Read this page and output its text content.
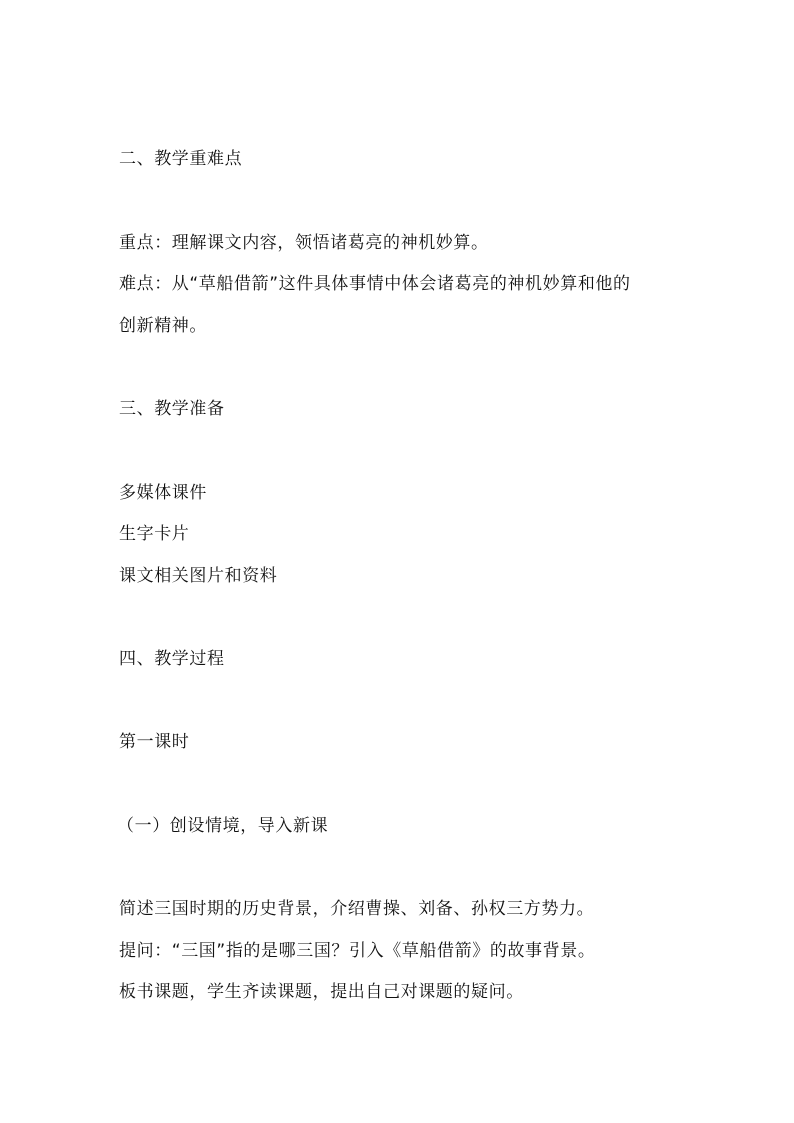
二、教学重难点
重点：理解课文内容，领悟诸葛亮的神机妙算。
难点：从“草船借箭”这件具体事情中体会诸葛亮的神机妙算和他的
创新精神。
三、教学准备
多媒体课件
生字卡片
课文相关图片和资料
四、教学过程
第一课时
（一）创设情境，导入新课
简述三国时期的历史背景，介绍曹操、刘备、孙权三方势力。
提问：“三国”指的是哪三国？引入《草船借箭》的故事背景。
板书课题，学生齐读课题，提出自己对课题的疑问。
